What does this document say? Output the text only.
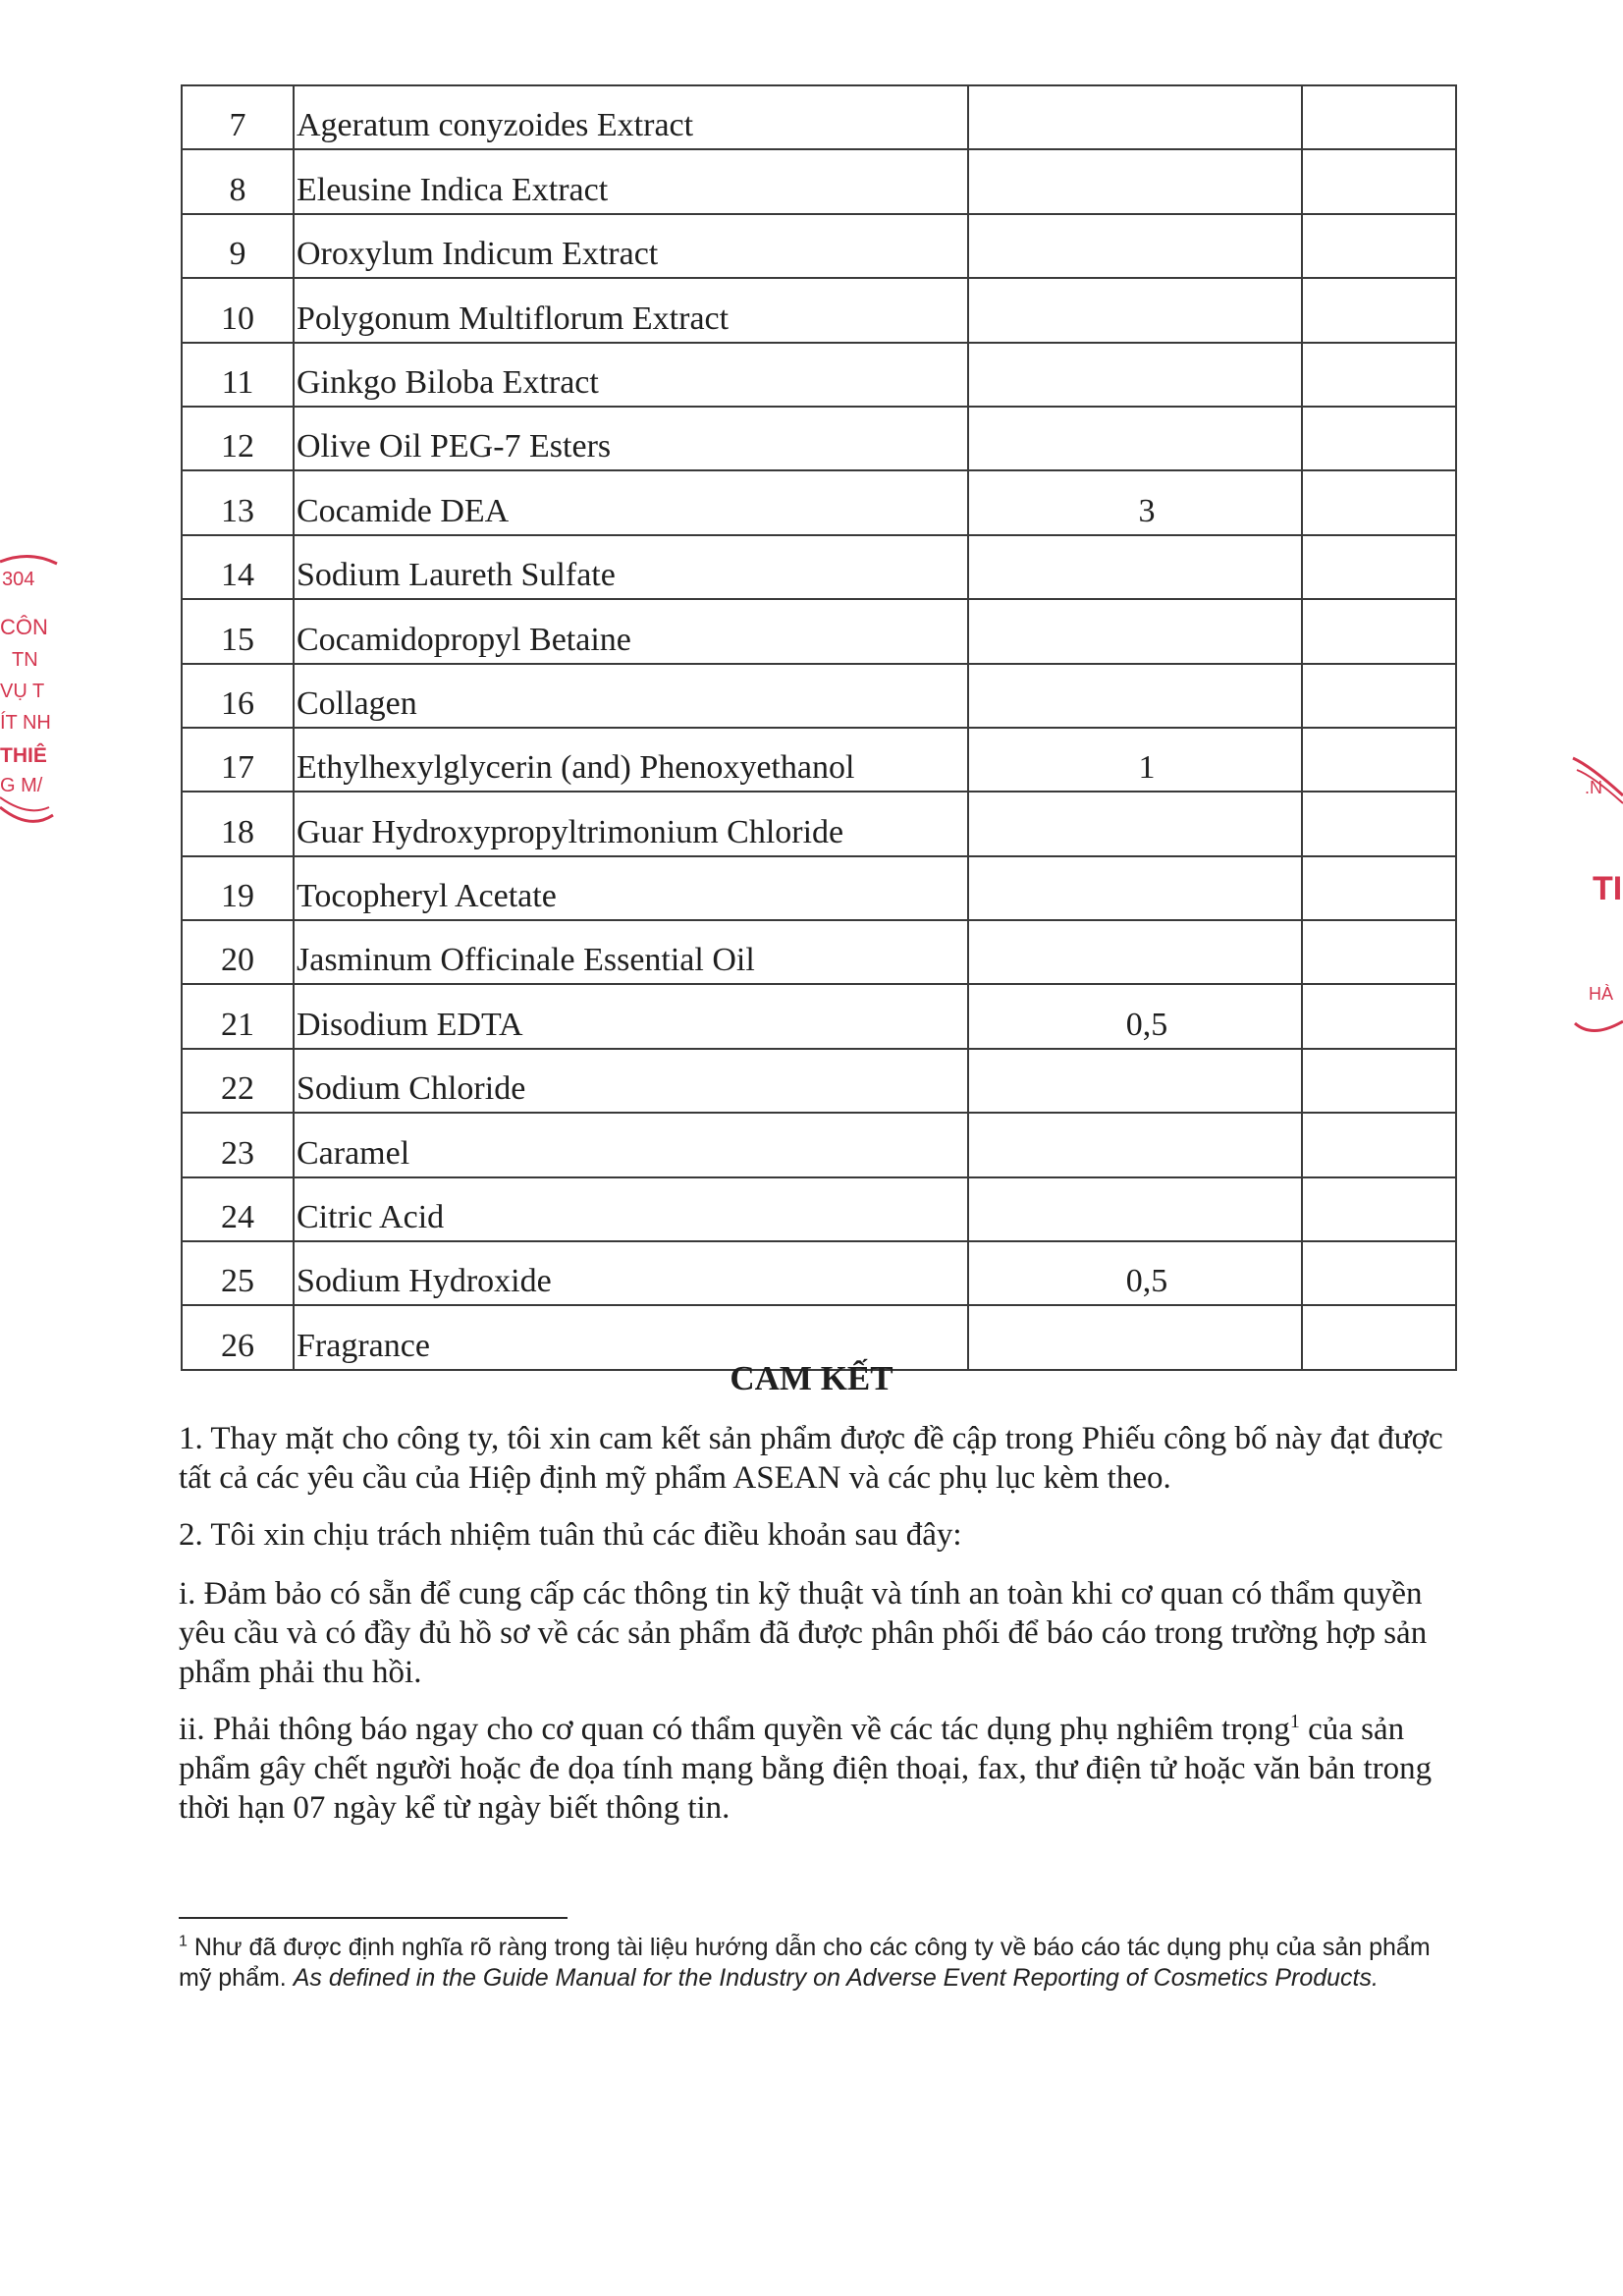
7	Ageratum conyzoides Extract		
8	Eleusine Indica Extract		
9	Oroxylum Indicum Extract		
10	Polygonum Multiflorum Extract		
11	Ginkgo Biloba Extract		
12	Olive Oil PEG-7 Esters		
13	Cocamide DEA	3	
14	Sodium Laureth Sulfate		
15	Cocamidopropyl Betaine		
16	Collagen		
17	Ethylhexylglycerin (and) Phenoxyethanol	1	
18	Guar Hydroxypropyltrimonium Chloride		
19	Tocopheryl Acetate		
20	Jasminum Officinale Essential Oil		
21	Disodium EDTA	0,5	
22	Sodium Chloride		
23	Caramel		
24	Citric Acid		
25	Sodium Hydroxide	0,5	
26	Fragrance		
CAM KẾT

1. Thay mặt cho công ty, tôi xin cam kết sản phẩm được đề cập trong Phiếu công bố này đạt được tất cả các yêu cầu của Hiệp định mỹ phẩm ASEAN và các phụ lục kèm theo.

2. Tôi xin chịu trách nhiệm tuân thủ các điều khoản sau đây:

i. Đảm bảo có sẵn để cung cấp các thông tin kỹ thuật và tính an toàn khi cơ quan có thẩm quyền yêu cầu và có đầy đủ hồ sơ về các sản phẩm đã được phân phối để báo cáo trong trường hợp sản phẩm phải thu hồi.

ii. Phải thông báo ngay cho cơ quan có thẩm quyền về các tác dụng phụ nghiêm trọng$^1$ của sản phẩm gây chết người hoặc đe dọa tính mạng bằng điện thoại, fax, thư điện tử hoặc văn bản trong thời hạn 07 ngày kể từ ngày biết thông tin.

$^1$ Như đã được định nghĩa rõ ràng trong tài liệu hướng dẫn cho các công ty về báo cáo tác dụng phụ của sản phẩm mỹ phẩm. As defined in the Guide Manual for the Industry on Adverse Event Reporting of Cosmetics Products.

304
CÔN
TN
VỤ T
ÍT NH
THIÊ
G M/	.N
TI
HÀ
